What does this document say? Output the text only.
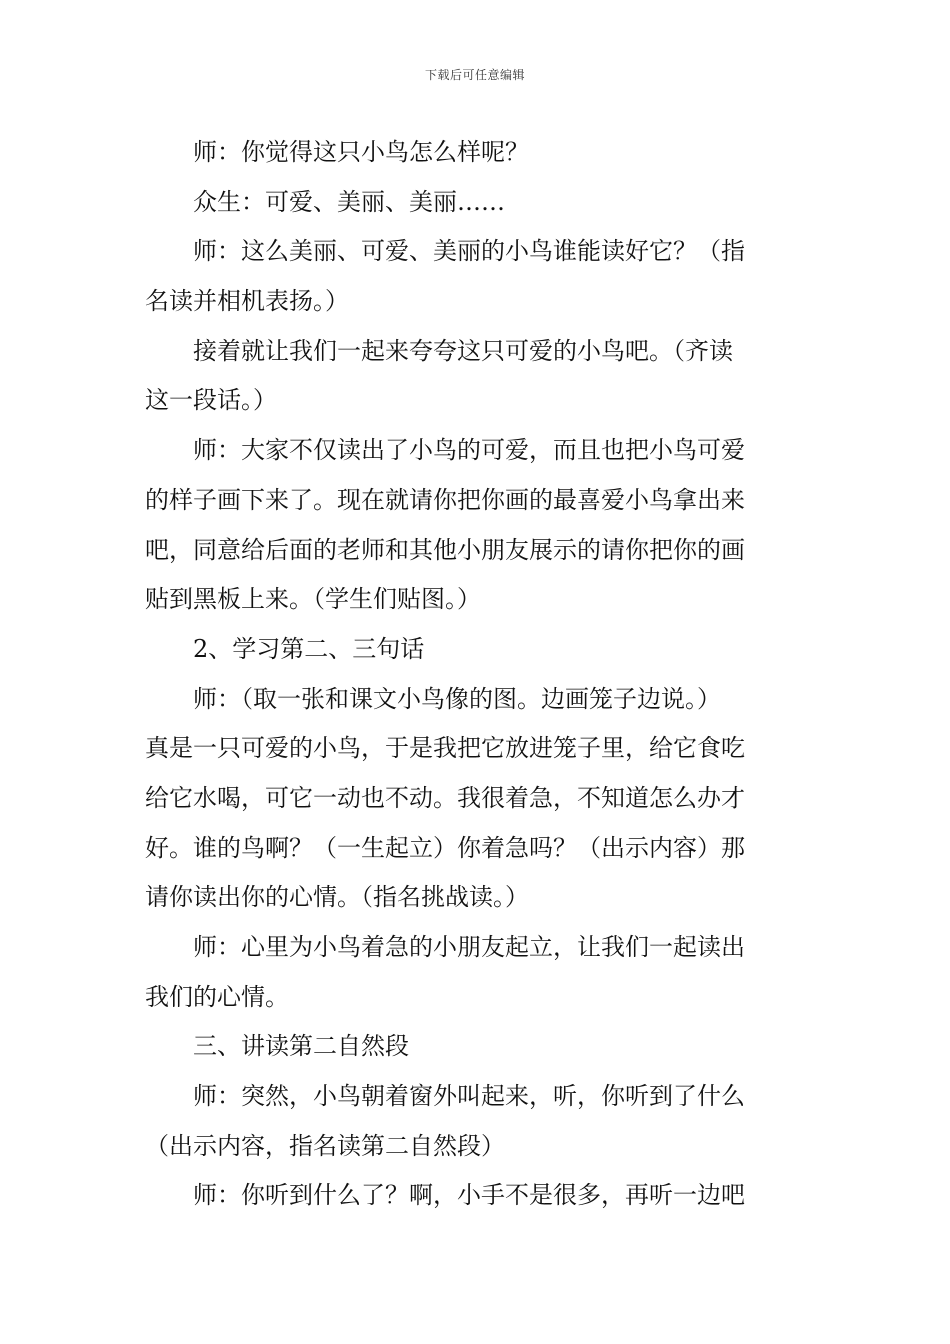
下载后可任意编辑
师：你觉得这只小鸟怎么样呢？
众生：可爱、美丽、美丽……
师：这么美丽、可爱、美丽的小鸟谁能读好它？（指
名读并相机表扬。）
接着就让我们一起来夸夸这只可爱的小鸟吧。（齐读
这一段话。）
师：大家不仅读出了小鸟的可爱，而且也把小鸟可爱
的样子画下来了。现在就请你把你画的最喜爱小鸟拿出来
吧，同意给后面的老师和其他小朋友展示的请你把你的画
贴到黑板上来。（学生们贴图。）
2、学习第二、三句话
师：（取一张和课文小鸟像的图。边画笼子边说。）
真是一只可爱的小鸟，于是我把它放进笼子里，给它食吃
给它水喝，可它一动也不动。我很着急，不知道怎么办才
好。谁的鸟啊？（一生起立）你着急吗？（出示内容）那
请你读出你的心情。（指名挑战读。）
师：心里为小鸟着急的小朋友起立，让我们一起读出
我们的心情。
三、讲读第二自然段
师：突然，小鸟朝着窗外叫起来，听，你听到了什么
（出示内容，指名读第二自然段）
师：你听到什么了？啊，小手不是很多，再听一边吧
